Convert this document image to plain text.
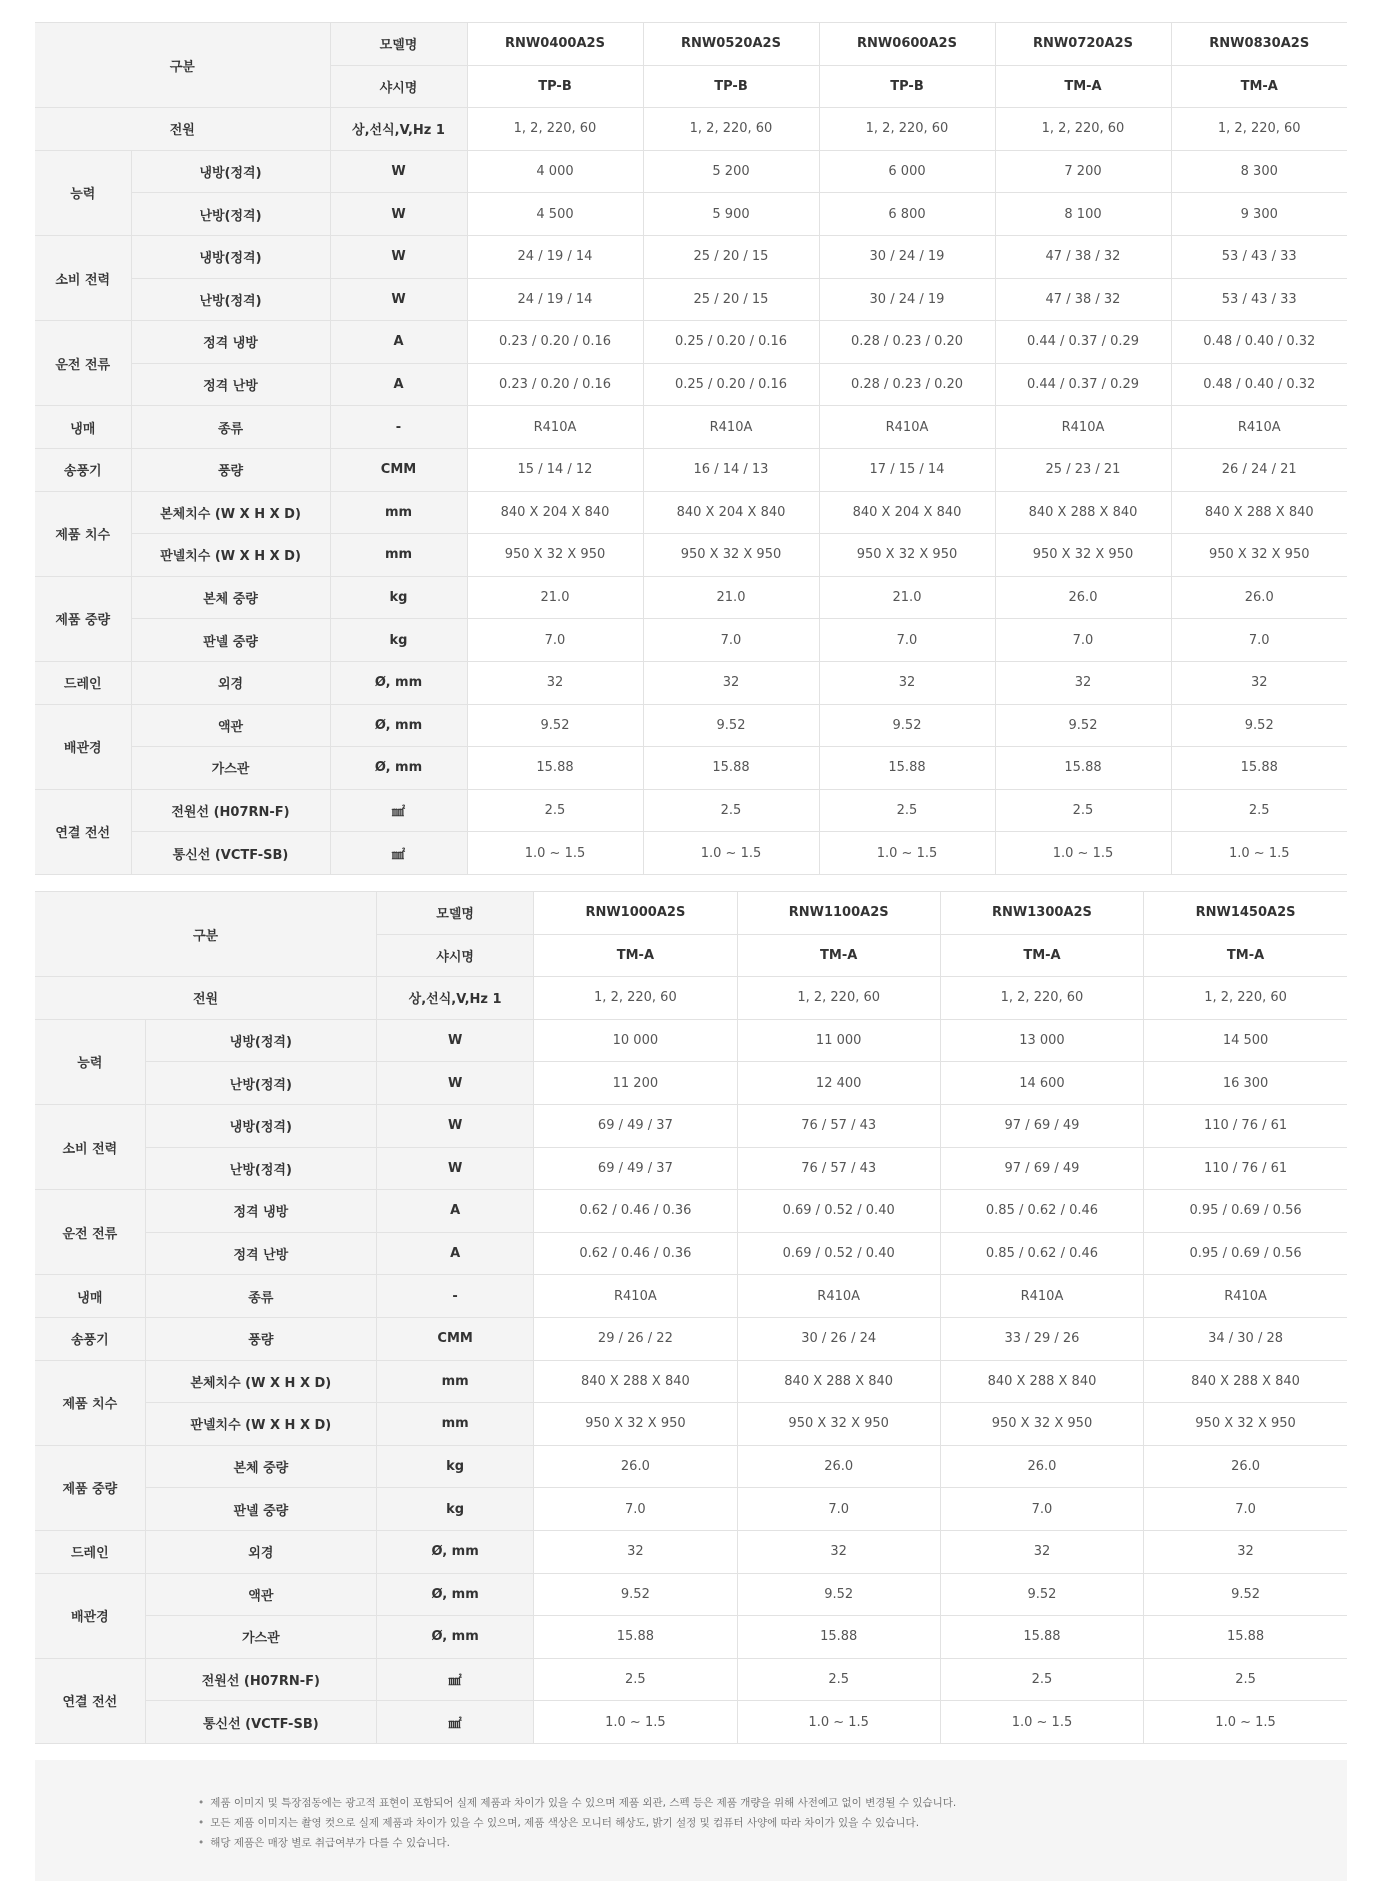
구분		모델명	RNW0400A2S	RNW0520A2S	RNW0600A2S	RNW0720A2S	RNW0830A2S
		샤시명	TP-B	TP-B	TP-B	TM-A	TM-A
전원		상,선식,V,Hz 1	1, 2, 220, 60	1, 2, 220, 60	1, 2, 220, 60	1, 2, 220, 60	1, 2, 220, 60
능력	냉방(정격)	W	4 000	5 200	6 000	7 200	8 300
	난방(정격)	W	4 500	5 900	6 800	8 100	9 300
소비 전력	냉방(정격)	W	24 / 19 / 14	25 / 20 / 15	30 / 24 / 19	47 / 38 / 32	53 / 43 / 33
	난방(정격)	W	24 / 19 / 14	25 / 20 / 15	30 / 24 / 19	47 / 38 / 32	53 / 43 / 33
운전 전류	정격 냉방	A	0.23 / 0.20 / 0.16	0.25 / 0.20 / 0.16	0.28 / 0.23 / 0.20	0.44 / 0.37 / 0.29	0.48 / 0.40 / 0.32
	정격 난방	A	0.23 / 0.20 / 0.16	0.25 / 0.20 / 0.16	0.28 / 0.23 / 0.20	0.44 / 0.37 / 0.29	0.48 / 0.40 / 0.32
냉매	종류	-	R410A	R410A	R410A	R410A	R410A
송풍기	풍량	CMM	15 / 14 / 12	16 / 14 / 13	17 / 15 / 14	25 / 23 / 21	26 / 24 / 21
제품 치수	본체치수 (W X H X D)	mm	840 X 204 X 840	840 X 204 X 840	840 X 204 X 840	840 X 288 X 840	840 X 288 X 840
	판넬치수 (W X H X D)	mm	950 X 32 X 950	950 X 32 X 950	950 X 32 X 950	950 X 32 X 950	950 X 32 X 950
제품 중량	본체 중량	kg	21.0	21.0	21.0	26.0	26.0
	판넬 중량	kg	7.0	7.0	7.0	7.0	7.0
드레인	외경	Ø, mm	32	32	32	32	32
배관경	액관	Ø, mm	9.52	9.52	9.52	9.52	9.52
	가스관	Ø, mm	15.88	15.88	15.88	15.88	15.88
연결 전선	전원선 (H07RN-F)	㎟	2.5	2.5	2.5	2.5	2.5
	통신선 (VCTF-SB)	㎟	1.0 ~ 1.5	1.0 ~ 1.5	1.0 ~ 1.5	1.0 ~ 1.5	1.0 ~ 1.5
구분		모델명	RNW1000A2S	RNW1100A2S	RNW1300A2S	RNW1450A2S
		샤시명	TM-A	TM-A	TM-A	TM-A
전원		상,선식,V,Hz 1	1, 2, 220, 60	1, 2, 220, 60	1, 2, 220, 60	1, 2, 220, 60
능력	냉방(정격)	W	10 000	11 000	13 000	14 500
	난방(정격)	W	11 200	12 400	14 600	16 300
소비 전력	냉방(정격)	W	69 / 49 / 37	76 / 57 / 43	97 / 69 / 49	110 / 76 / 61
	난방(정격)	W	69 / 49 / 37	76 / 57 / 43	97 / 69 / 49	110 / 76 / 61
운전 전류	정격 냉방	A	0.62 / 0.46 / 0.36	0.69 / 0.52 / 0.40	0.85 / 0.62 / 0.46	0.95 / 0.69 / 0.56
	정격 난방	A	0.62 / 0.46 / 0.36	0.69 / 0.52 / 0.40	0.85 / 0.62 / 0.46	0.95 / 0.69 / 0.56
냉매	종류	-	R410A	R410A	R410A	R410A
송풍기	풍량	CMM	29 / 26 / 22	30 / 26 / 24	33 / 29 / 26	34 / 30 / 28
제품 치수	본체치수 (W X H X D)	mm	840 X 288 X 840	840 X 288 X 840	840 X 288 X 840	840 X 288 X 840
	판넬치수 (W X H X D)	mm	950 X 32 X 950	950 X 32 X 950	950 X 32 X 950	950 X 32 X 950
제품 중량	본체 중량	kg	26.0	26.0	26.0	26.0
	판넬 중량	kg	7.0	7.0	7.0	7.0
드레인	외경	Ø, mm	32	32	32	32
배관경	액관	Ø, mm	9.52	9.52	9.52	9.52
	가스관	Ø, mm	15.88	15.88	15.88	15.88
연결 전선	전원선 (H07RN-F)	㎟	2.5	2.5	2.5	2.5
	통신선 (VCTF-SB)	㎟	1.0 ~ 1.5	1.0 ~ 1.5	1.0 ~ 1.5	1.0 ~ 1.5
• 제품 이미지 및 특장점동에는 광고적 표현이 포함되어 실제 제품과 차이가 있을 수 있으며 제품 외관, 스펙 등은 제품 개량을 위해 사전예고 없이 변경될 수 있습니다.
• 모든 제품 이미지는 촬영 컷으로 실제 제품과 차이가 있을 수 있으며, 제품 색상은 모니터 해상도, 밝기 설정 및 컴퓨터 사양에 따라 차이가 있을 수 있습니다.
• 해당 제품은 매장 별로 취급여부가 다를 수 있습니다.
